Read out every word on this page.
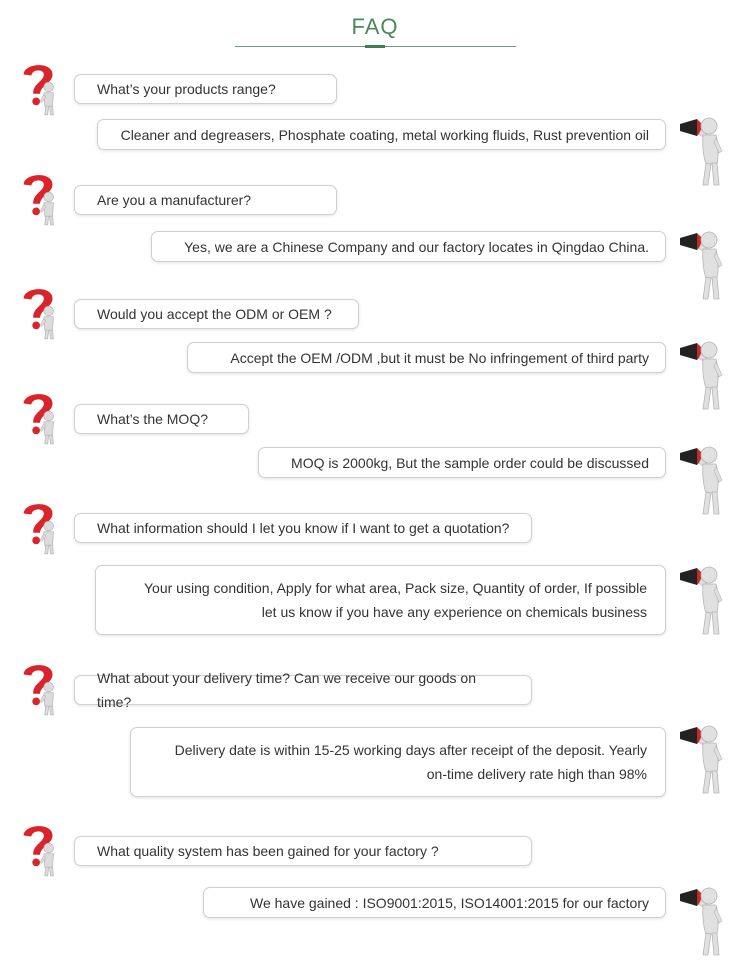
FAQ
What’s your products range?
Cleaner and degreasers, Phosphate coating, metal working fluids, Rust prevention oil
Are you a manufacturer?
Yes, we are a Chinese Company and our factory locates in Qingdao China.
Would you accept the ODM or OEM ?
Accept the OEM /ODM ,but it must be No infringement of third party
What’s the MOQ?
MOQ is 2000kg, But the sample order could be discussed
What information should I let you know if I want to get a quotation?
Your using condition, Apply for what area, Pack size, Quantity of order, If possible let us know if you have any experience on chemicals business
What about your delivery time? Can we receive our goods on time?
Delivery date is within 15-25 working days after receipt of the deposit. Yearly on-time delivery rate high than 98%
What quality system has been gained for your factory ?
We have gained : ISO9001:2015, ISO14001:2015 for our factory
